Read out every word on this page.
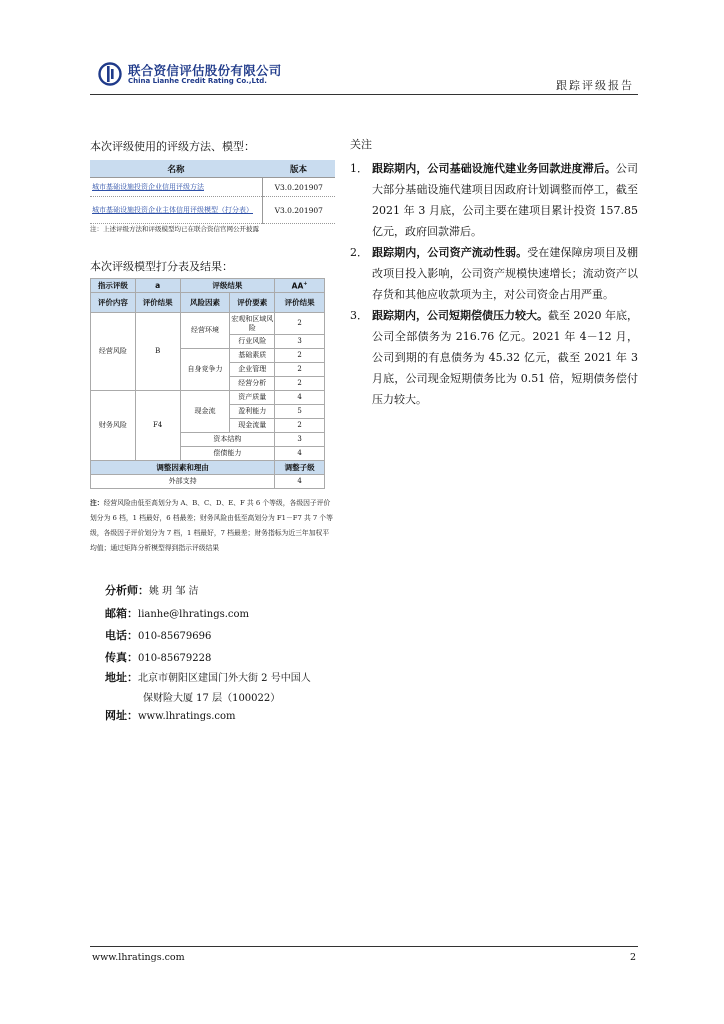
联合资信评估股份有限公司
China Lianhe Credit Rating Co.,Ltd.	跟踪评级报告
本次评级使用的评级方法、模型：
名称	版本
城市基础设施投资企业信用评级方法	V3.0.201907
城市基础设施投资企业主体信用评级模型（打分表）	V3.0.201907
注：上述评级方法和评级模型均已在联合资信官网公开披露
本次评级模型打分表及结果：
指示评级	a	评级结果		AA+
评价内容	评价结果	风险因素	评价要素	评价结果
经营风险	B	经营环境	宏观和区域风险	2
			行业风险	3
		自身竞争力	基础素质	2
			企业管理	2
			经营分析	2
财务风险	F4	现金流	资产质量	4
			盈利能力	5
			现金流量	2
		资本结构		3
		偿债能力		4
调整因素和理由				调整子级
外部支持				4
注：经营风险由低至高划分为 A、B、C、D、E、F 共 6 个等级，各级因子评价划分为 6 档，1 档最好，6 档最差；财务风险由低至高划分为 F1－F7 共 7 个等级，各级因子评价划分为 7 档，1 档最好，7 档最差；财务指标为近三年加权平均值；通过矩阵分析模型得到指示评级结果
分析师：姚 玥 邹 洁
邮箱：lianhe@lhratings.com
电话：010-85679696
传真：010-85679228
地址：北京市朝阳区建国门外大街 2 号中国人
保财险大厦 17 层（100022）
网址：www.lhratings.com
关注
1． 跟踪期内，公司基础设施代建业务回款进度滞后。公司大部分基础设施代建项目因政府计划调整而停工，截至 2021 年 3 月底，公司主要在建项目累计投资 157.85 亿元，政府回款滞后。
2． 跟踪期内，公司资产流动性弱。受在建保障房项目及棚改项目投入影响，公司资产规模快速增长；流动资产以存货和其他应收款项为主，对公司资金占用严重。
3． 跟踪期内，公司短期偿债压力较大。截至 2020 年底，公司全部债务为 216.76 亿元。2021 年 4－12 月，公司到期的有息债务为 45.32 亿元，截至 2021 年 3 月底，公司现金短期债务比为 0.51 倍，短期债务偿付压力较大。
www.lhratings.com	2
